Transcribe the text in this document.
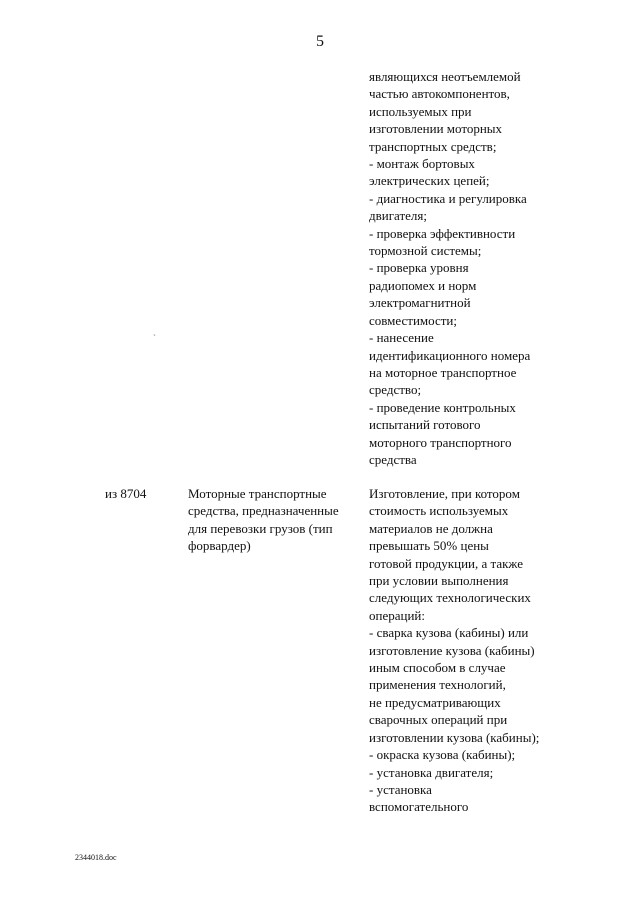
5
являющихся неотъемлемой
частью автокомпонентов,
используемых при
изготовлении моторных
транспортных средств;
- монтаж бортовых
электрических цепей;
- диагностика и регулировка
двигателя;
- проверка эффективности
тормозной системы;
- проверка уровня
радиопомех и норм
электромагнитной
совместимости;
- нанесение
идентификационного номера
на моторное транспортное
средство;
- проведение контрольных
испытаний готового
моторного транспортного
средства
из 8704	Моторные транспортные
средства, предназначенные
для перевозки грузов (тип
форвардер)
Изготовление, при котором
стоимость используемых
материалов не должна
превышать 50% цены
готовой продукции, а также
при условии выполнения
следующих технологических
операций:
- сварка кузова (кабины) или
изготовление кузова (кабины)
иным способом в случае
применения технологий,
не предусматривающих
сварочных операций при
изготовлении кузова (кабины);
- окраска кузова (кабины);
- установка двигателя;
- установка
вспомогательного
`
2344018.doc
